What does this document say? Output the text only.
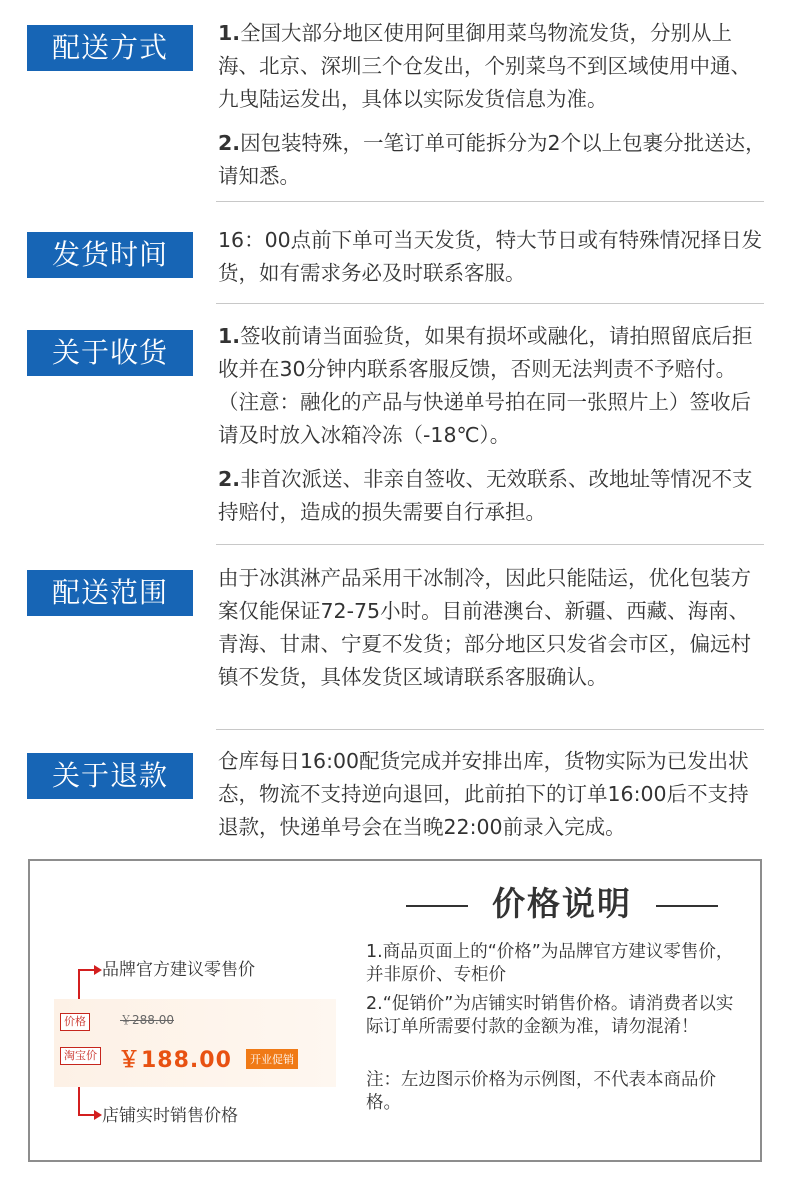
配送方式	1.全国大部分地区使用阿里御用菜鸟物流发货，分别从上海、北京、深圳三个仓发出，个别菜鸟不到区域使用中通、九曳陆运发出，具体以实际发货信息为准。

2.因包装特殊，一笔订单可能拆分为2个以上包裹分批送达，请知悉。

发货时间	16：00点前下单可当天发货，特大节日或有特殊情况择日发货，如有需求务必及时联系客服。

关于收货	1.签收前请当面验货，如果有损坏或融化，请拍照留底后拒收并在30分钟内联系客服反馈，否则无法判责不予赔付。（注意：融化的产品与快递单号拍在同一张照片上）签收后请及时放入冰箱冷冻（-18℃）。

2.非首次派送、非亲自签收、无效联系、改地址等情况不支持赔付，造成的损失需要自行承担。

配送范围	由于冰淇淋产品采用干冰制冷，因此只能陆运，优化包装方案仅能保证72-75小时。目前港澳台、新疆、西藏、海南、青海、甘肃、宁夏不发货；部分地区只发省会市区，偏远村镇不发货，具体发货区域请联系客服确认。

关于退款	仓库每日16:00配货完成并安排出库，货物实际为已发出状态，物流不支持逆向退回，此前拍下的订单16:00后不支持退款，快递单号会在当晚22:00前录入完成。

价格说明
品牌官方建议零售价
店铺实时销售价格
价格	￥288.00
淘宝价 ￥188.00	开业促销

1.商品页面上的“价格”为品牌官方建议零售价，并非原价、专柜价

2.“促销价”为店铺实时销售价格。请消费者以实际订单所需要付款的金额为准，请勿混淆！

注：左边图示价格为示例图，不代表本商品价格。
